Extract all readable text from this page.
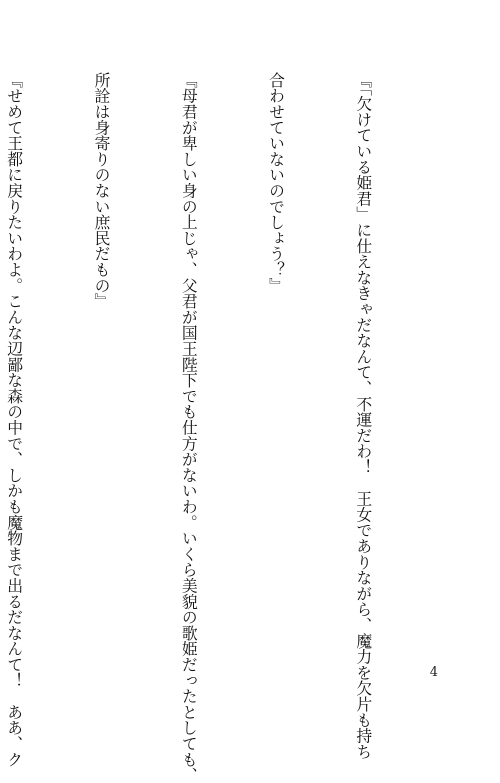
『「欠けている姫君」に仕えなきゃだなんて、不運だわ！　王女でありながら、魔力を欠片も持ち

合わせていないのでしょう？』

『母君が卑しい身の上じゃ、父君が国王陛下でも仕方がないわ。いくら美貌の歌姫だったとしても、

所詮は身寄りのない庶民だもの』

『せめて王都に戻りたいわよ。こんな辺鄙な森の中で、しかも魔物まで出るだなんて！　ああ、ク

	4
